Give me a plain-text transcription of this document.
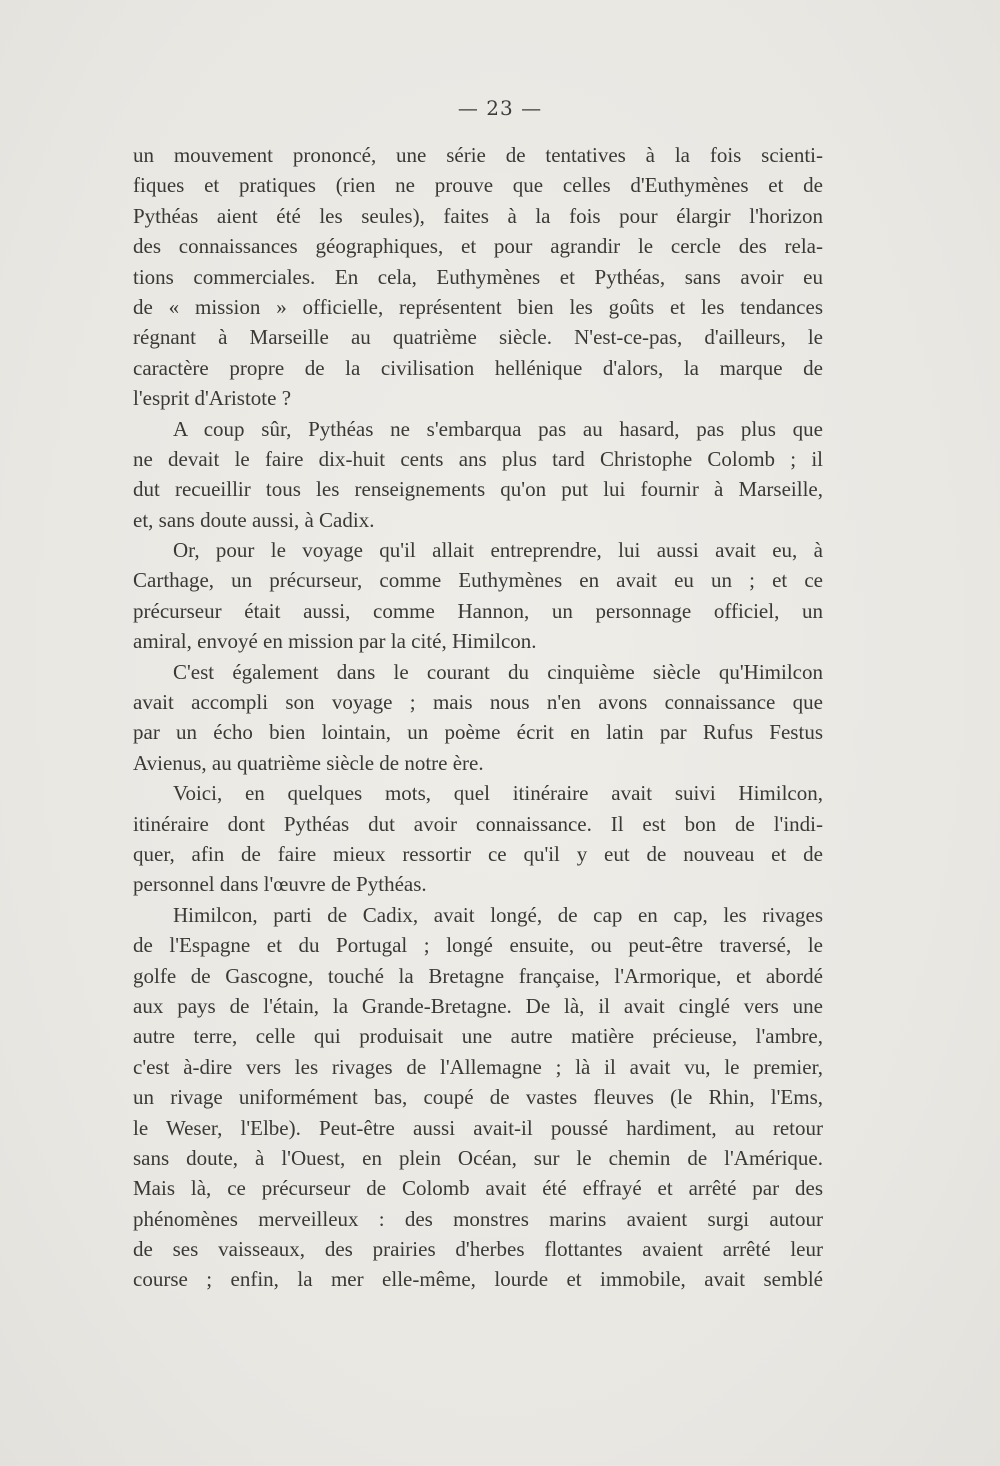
— 23 —
un mouvement prononcé, une série de tentatives à la fois scienti-
fiques et pratiques (rien ne prouve que celles d'Euthymènes et de
Pythéas aient été les seules), faites à la fois pour élargir l'horizon
des connaissances géographiques, et pour agrandir le cercle des rela-
tions commerciales. En cela, Euthymènes et Pythéas, sans avoir eu
de « mission » officielle, représentent bien les goûts et les tendances
régnant à Marseille au quatrième siècle. N'est-ce-pas, d'ailleurs, le
caractère propre de la civilisation hellénique d'alors, la marque de
l'esprit d'Aristote ?
A coup sûr, Pythéas ne s'embarqua pas au hasard, pas plus que
ne devait le faire dix-huit cents ans plus tard Christophe Colomb ; il
dut recueillir tous les renseignements qu'on put lui fournir à Marseille,
et, sans doute aussi, à Cadix.
Or, pour le voyage qu'il allait entreprendre, lui aussi avait eu, à
Carthage, un précurseur, comme Euthymènes en avait eu un ; et ce
précurseur était aussi, comme Hannon, un personnage officiel, un
amiral, envoyé en mission par la cité, Himilcon.
C'est également dans le courant du cinquième siècle qu'Himilcon
avait accompli son voyage ; mais nous n'en avons connaissance que
par un écho bien lointain, un poème écrit en latin par Rufus Festus
Avienus, au quatrième siècle de notre ère.
Voici, en quelques mots, quel itinéraire avait suivi Himilcon,
itinéraire dont Pythéas dut avoir connaissance. Il est bon de l'indi-
quer, afin de faire mieux ressortir ce qu'il y eut de nouveau et de
personnel dans l'œuvre de Pythéas.
Himilcon, parti de Cadix, avait longé, de cap en cap, les rivages
de l'Espagne et du Portugal ; longé ensuite, ou peut-être traversé, le
golfe de Gascogne, touché la Bretagne française, l'Armorique, et abordé
aux pays de l'étain, la Grande-Bretagne. De là, il avait cinglé vers une
autre terre, celle qui produisait une autre matière précieuse, l'ambre,
c'est à-dire vers les rivages de l'Allemagne ; là il avait vu, le premier,
un rivage uniformément bas, coupé de vastes fleuves (le Rhin, l'Ems,
le Weser, l'Elbe). Peut-être aussi avait-il poussé hardiment, au retour
sans doute, à l'Ouest, en plein Océan, sur le chemin de l'Amérique.
Mais là, ce précurseur de Colomb avait été effrayé et arrêté par des
phénomènes merveilleux : des monstres marins avaient surgi autour
de ses vaisseaux, des prairies d'herbes flottantes avaient arrêté leur
course ; enfin, la mer elle-même, lourde et immobile, avait semblé
